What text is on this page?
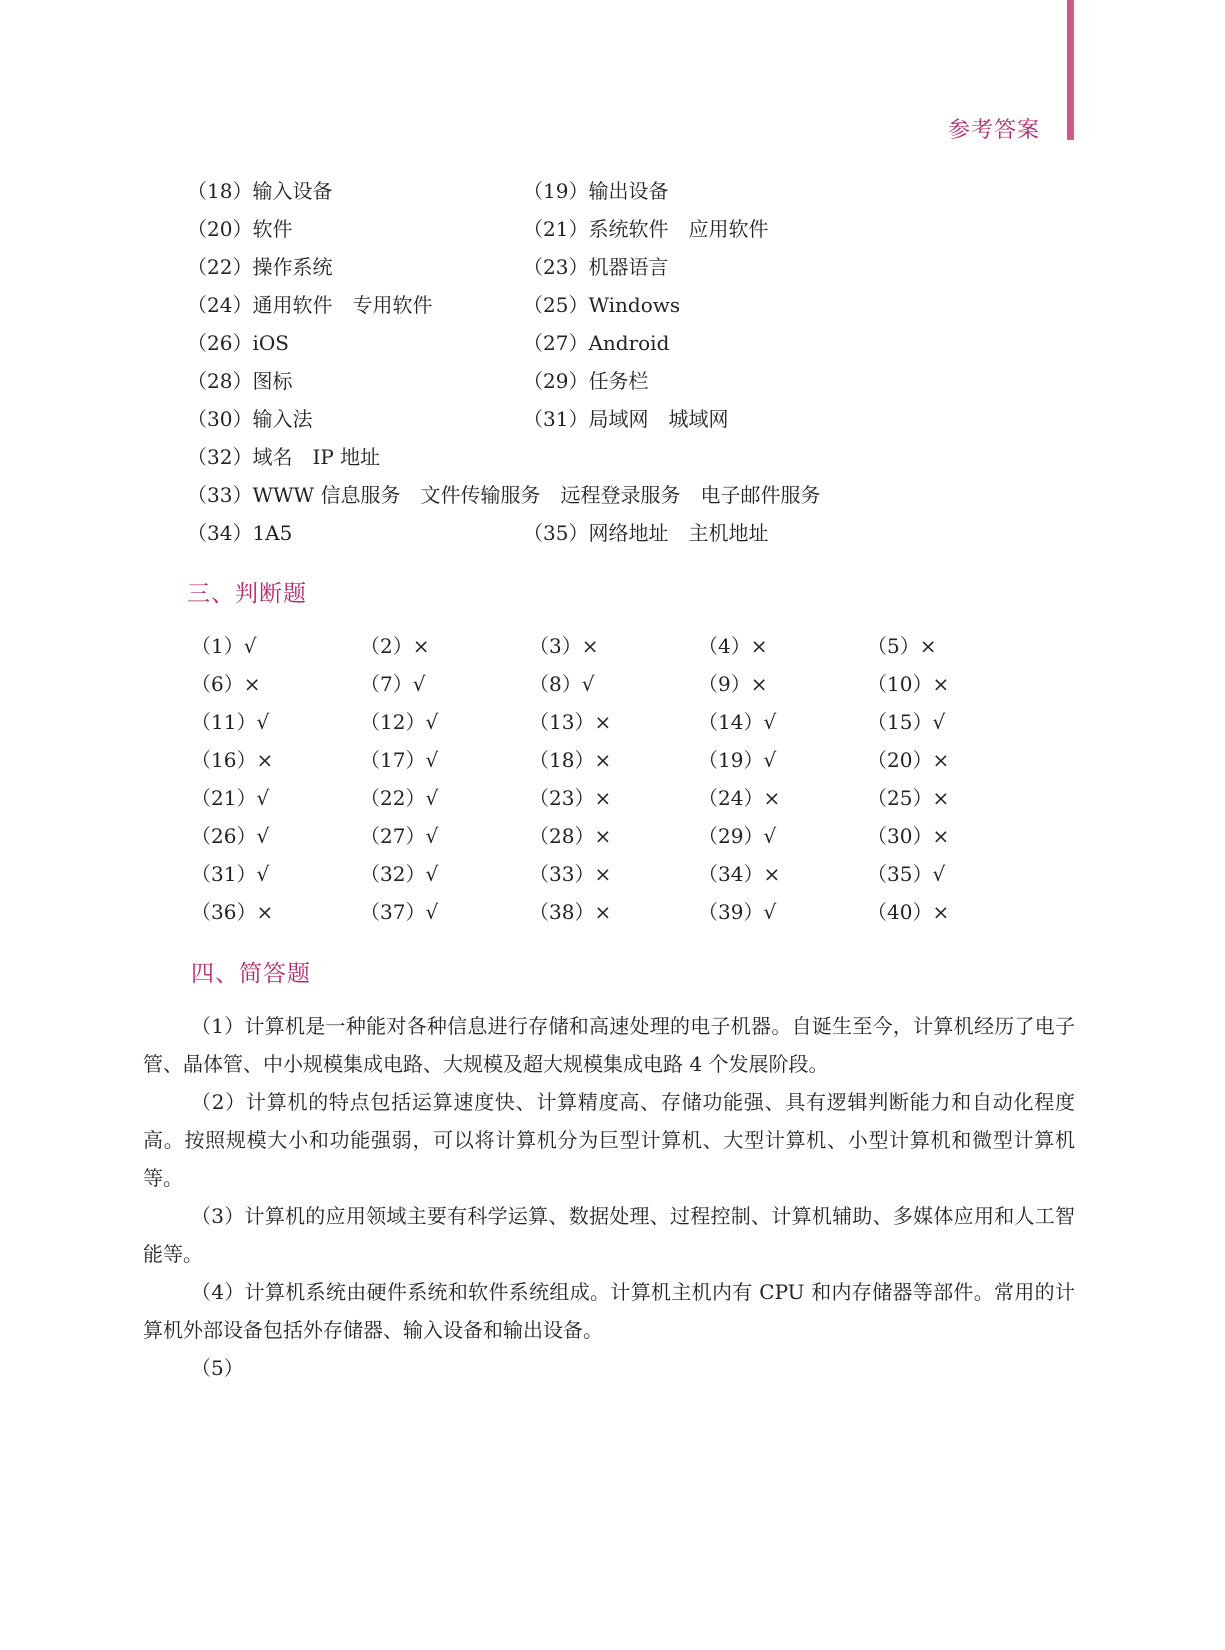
参考答案
（18）输入设备	（19）输出设备
（20）软件	（21）系统软件　应用软件
（22）操作系统	（23）机器语言
（24）通用软件　专用软件	（25）Windows
（26）iOS	（27）Android
（28）图标	（29）任务栏
（30）输入法	（31）局域网　城域网
（32）域名　IP 地址
（33）WWW 信息服务　文件传输服务　远程登录服务　电子邮件服务
（34）1A5	（35）网络地址　主机地址
三、判断题
（1）√	（2）×	（3）×	（4）×	（5）×
（6）×	（7）√	（8）√	（9）×	（10）×
（11）√	（12）√	（13）×	（14）√	（15）√
（16）×	（17）√	（18）×	（19）√	（20）×
（21）√	（22）√	（23）×	（24）×	（25）×
（26）√	（27）√	（28）×	（29）√	（30）×
（31）√	（32）√	（33）×	（34）×	（35）√
（36）×	（37）√	（38）×	（39）√	（40）×
四、简答题

（1）计算机是一种能对各种信息进行存储和高速处理的电子机器。自诞生至今，计算机经历了电子管、晶体管、中小规模集成电路、大规模及超大规模集成电路 4 个发展阶段。

（2）计算机的特点包括运算速度快、计算精度高、存储功能强、具有逻辑判断能力和自动化程度高。按照规模大小和功能强弱，可以将计算机分为巨型计算机、大型计算机、小型计算机和微型计算机等。

（3）计算机的应用领域主要有科学运算、数据处理、过程控制、计算机辅助、多媒体应用和人工智能等。

（4）计算机系统由硬件系统和软件系统组成。计算机主机内有 CPU 和内存储器等部件。常用的计算机外部设备包括外存储器、输入设备和输出设备。

（5）
